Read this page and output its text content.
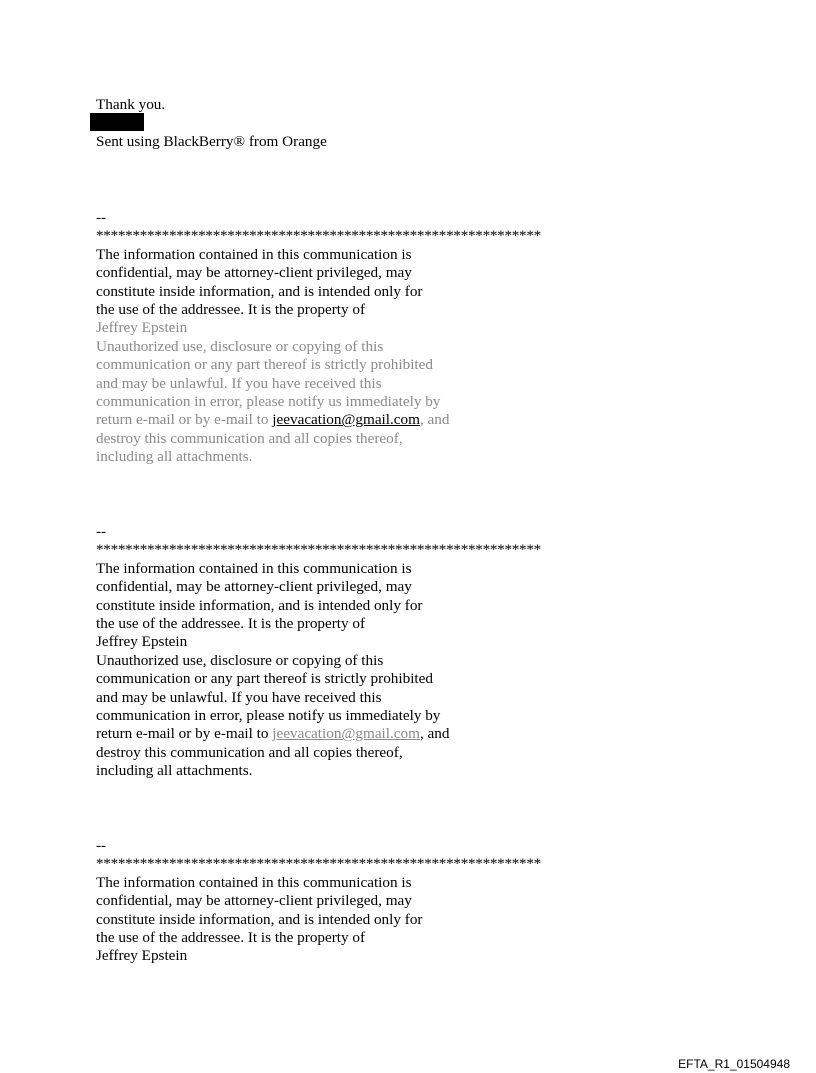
Thank you.
Sent using BlackBerry® from Orange
--
*************************************************************
The information contained in this communication is
confidential, may be attorney-client privileged, may
constitute inside information, and is intended only for
the use of the addressee. It is the property of
Jeffrey Epstein
Unauthorized use, disclosure or copying of this
communication or any part thereof is strictly prohibited
and may be unlawful. If you have received this
communication in error, please notify us immediately by
return e-mail or by e-mail to jeevacation@gmail.com, and
destroy this communication and all copies thereof,
including all attachments.
--
*************************************************************
The information contained in this communication is
confidential, may be attorney-client privileged, may
constitute inside information, and is intended only for
the use of the addressee. It is the property of
Jeffrey Epstein
Unauthorized use, disclosure or copying of this
communication or any part thereof is strictly prohibited
and may be unlawful. If you have received this
communication in error, please notify us immediately by
return e-mail or by e-mail to jeevacation@gmail.com, and
destroy this communication and all copies thereof,
including all attachments.
--
*************************************************************
The information contained in this communication is
confidential, may be attorney-client privileged, may
constitute inside information, and is intended only for
the use of the addressee. It is the property of
Jeffrey Epstein
EFTA_R1_01504948
